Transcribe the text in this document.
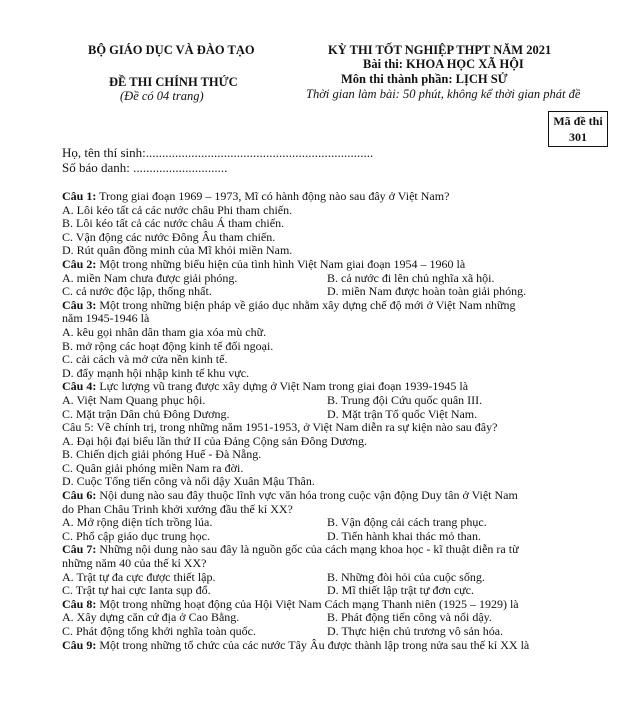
BỘ GIÁO DỤC VÀ ĐÀO TẠO
ĐỀ THI CHÍNH THỨC
(Đề có 04 trang)
KỲ THI TỐT NGHIỆP THPT NĂM 2021
Bài thi: KHOA HỌC XÃ HỘI
Môn thi thành phần: LỊCH SỬ
Thời gian làm bài: 50 phút, không kể thời gian phát đề
Mã đề thi
301
Họ, tên thí sinh:......................................................................
Số báo danh: .............................
Câu 1: Trong giai đoạn 1969 – 1973, Mĩ có hành động nào sau đây ở Việt Nam?
A. Lôi kéo tất cả các nước châu Phi tham chiến.
B. Lôi kéo tất cả các nước châu Á tham chiến.
C. Vận động các nước Đông Âu tham chiến.
D. Rút quân đồng minh của Mĩ khỏi miền Nam.
Câu 2: Một trong những biểu hiện của tình hình Việt Nam giai đoạn 1954 – 1960 là
A. miền Nam chưa được giải phóng.	B. cả nước đi lên chủ nghĩa xã hội.
C. cả nước độc lập, thống nhất.	D. miền Nam được hoàn toàn giải phóng.
Câu 3: Một trong những biện pháp về giáo dục nhằm xây dựng chế độ mới ở Việt Nam những
năm 1945-1946 là
A. kêu gọi nhân dân tham gia xóa mù chữ.
B. mở rộng các hoạt động kinh tế đối ngoại.
C. cải cách và mở cửa nền kinh tế.
D. đẩy mạnh hội nhập kinh tế khu vực.
Câu 4: Lực lượng vũ trang được xây dựng ở Việt Nam trong giai đoạn 1939-1945 là
A. Việt Nam Quang phục hội.	B. Trung đội Cứu quốc quân III.
C. Mặt trận Dân chủ Đông Dương.	D. Mặt trận Tổ quốc Việt Nam.
Câu 5: Về chính trị, trong những năm 1951-1953, ở Việt Nam diễn ra sự kiện nào sau đây?
A. Đại hội đại biểu lần thứ II của Đảng Cộng sản Đông Dương.
B. Chiến dịch giải phóng Huế - Đà Nẵng.
C. Quân giải phóng miền Nam ra đời.
D. Cuộc Tổng tiến công và nổi dậy Xuân Mậu Thân.
Câu 6: Nội dung nào sau đây thuộc lĩnh vực văn hóa trong cuộc vận động Duy tân ở Việt Nam
do Phan Châu Trinh khởi xướng đầu thế kỉ XX?
A. Mở rộng diện tích trồng lúa.	B. Vận động cải cách trang phục.
C. Phổ cập giáo dục trung học.	D. Tiến hành khai thác mỏ than.
Câu 7: Những nội dung nào sau đây là nguồn gốc của cách mạng khoa học - kĩ thuật diễn ra từ
những năm 40 của thế kỉ XX?
A. Trật tự đa cực được thiết lập.	B. Những đòi hỏi của cuộc sống.
C. Trật tự hai cực Ianta sụp đổ.	D. Mĩ thiết lập trật tự đơn cực.
Câu 8: Một trong những hoạt động của Hội Việt Nam Cách mạng Thanh niên (1925 – 1929) là
A. Xây dựng căn cứ địa ở Cao Bằng.	B. Phát động tiến công và nổi dậy.
C. Phát động tổng khởi nghĩa toàn quốc.	D. Thực hiện chủ trương vô sản hóa.
Câu 9: Một trong những tổ chức của các nước Tây Âu được thành lập trong nửa sau thế kỉ XX là
